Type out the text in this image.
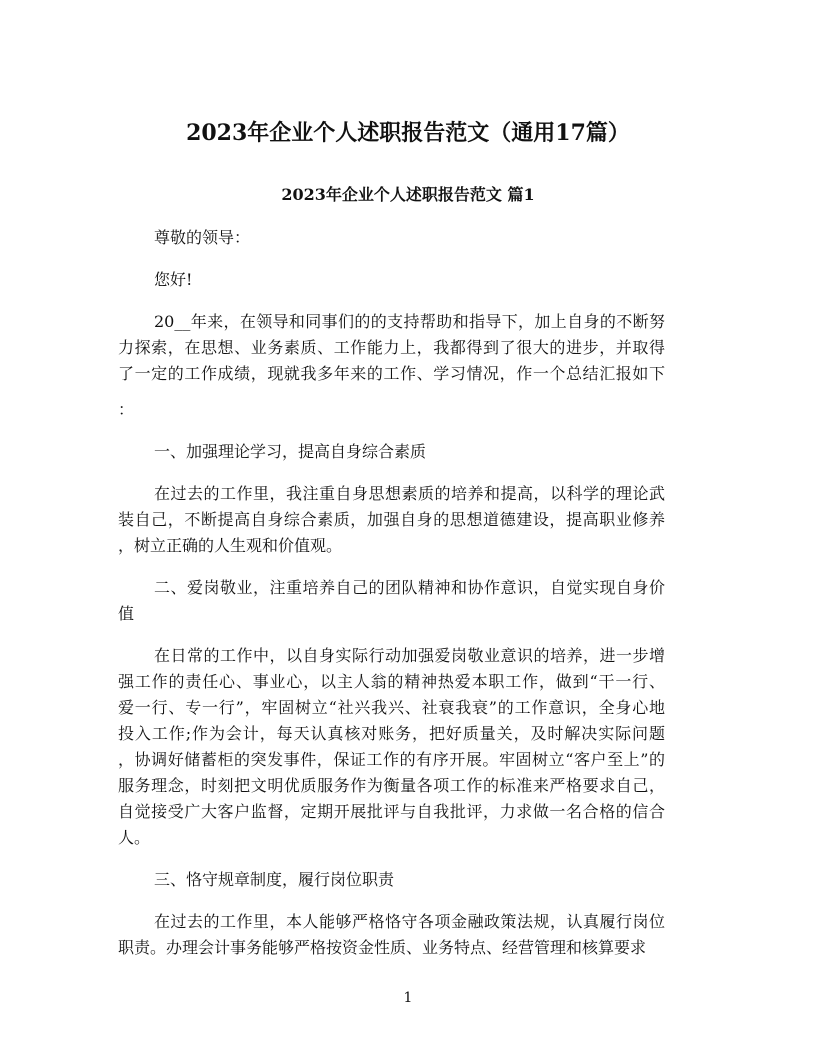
2023年企业个人述职报告范文（通用17篇）
2023年企业个人述职报告范文 篇1
尊敬的领导：
您好!
20__年来，在领导和同事们的的支持帮助和指导下，加上自身的不断努
力探索，在思想、业务素质、工作能力上，我都得到了很大的进步，并取得
了一定的工作成绩，现就我多年来的工作、学习情况，作一个总结汇报如下
：
一、加强理论学习，提高自身综合素质
在过去的工作里，我注重自身思想素质的培养和提高，以科学的理论武
装自己，不断提高自身综合素质，加强自身的思想道德建设，提高职业修养
，树立正确的人生观和价值观。
二、爱岗敬业，注重培养自己的团队精神和协作意识，自觉实现自身价
值
在日常的工作中，以自身实际行动加强爱岗敬业意识的培养，进一步增
强工作的责任心、事业心，以主人翁的精神热爱本职工作，做到“干一行、
爱一行、专一行”，牢固树立“社兴我兴、社衰我衰”的工作意识，全身心地
投入工作;作为会计，每天认真核对账务，把好质量关，及时解决实际问题
，协调好储蓄柜的突发事件，保证工作的有序开展。牢固树立“客户至上”的
服务理念，时刻把文明优质服务作为衡量各项工作的标准来严格要求自己，
自觉接受广大客户监督，定期开展批评与自我批评，力求做一名合格的信合
人。
三、恪守规章制度，履行岗位职责
在过去的工作里，本人能够严格恪守各项金融政策法规，认真履行岗位
职责。办理会计事务能够严格按资金性质、业务特点、经营管理和核算要求
1
